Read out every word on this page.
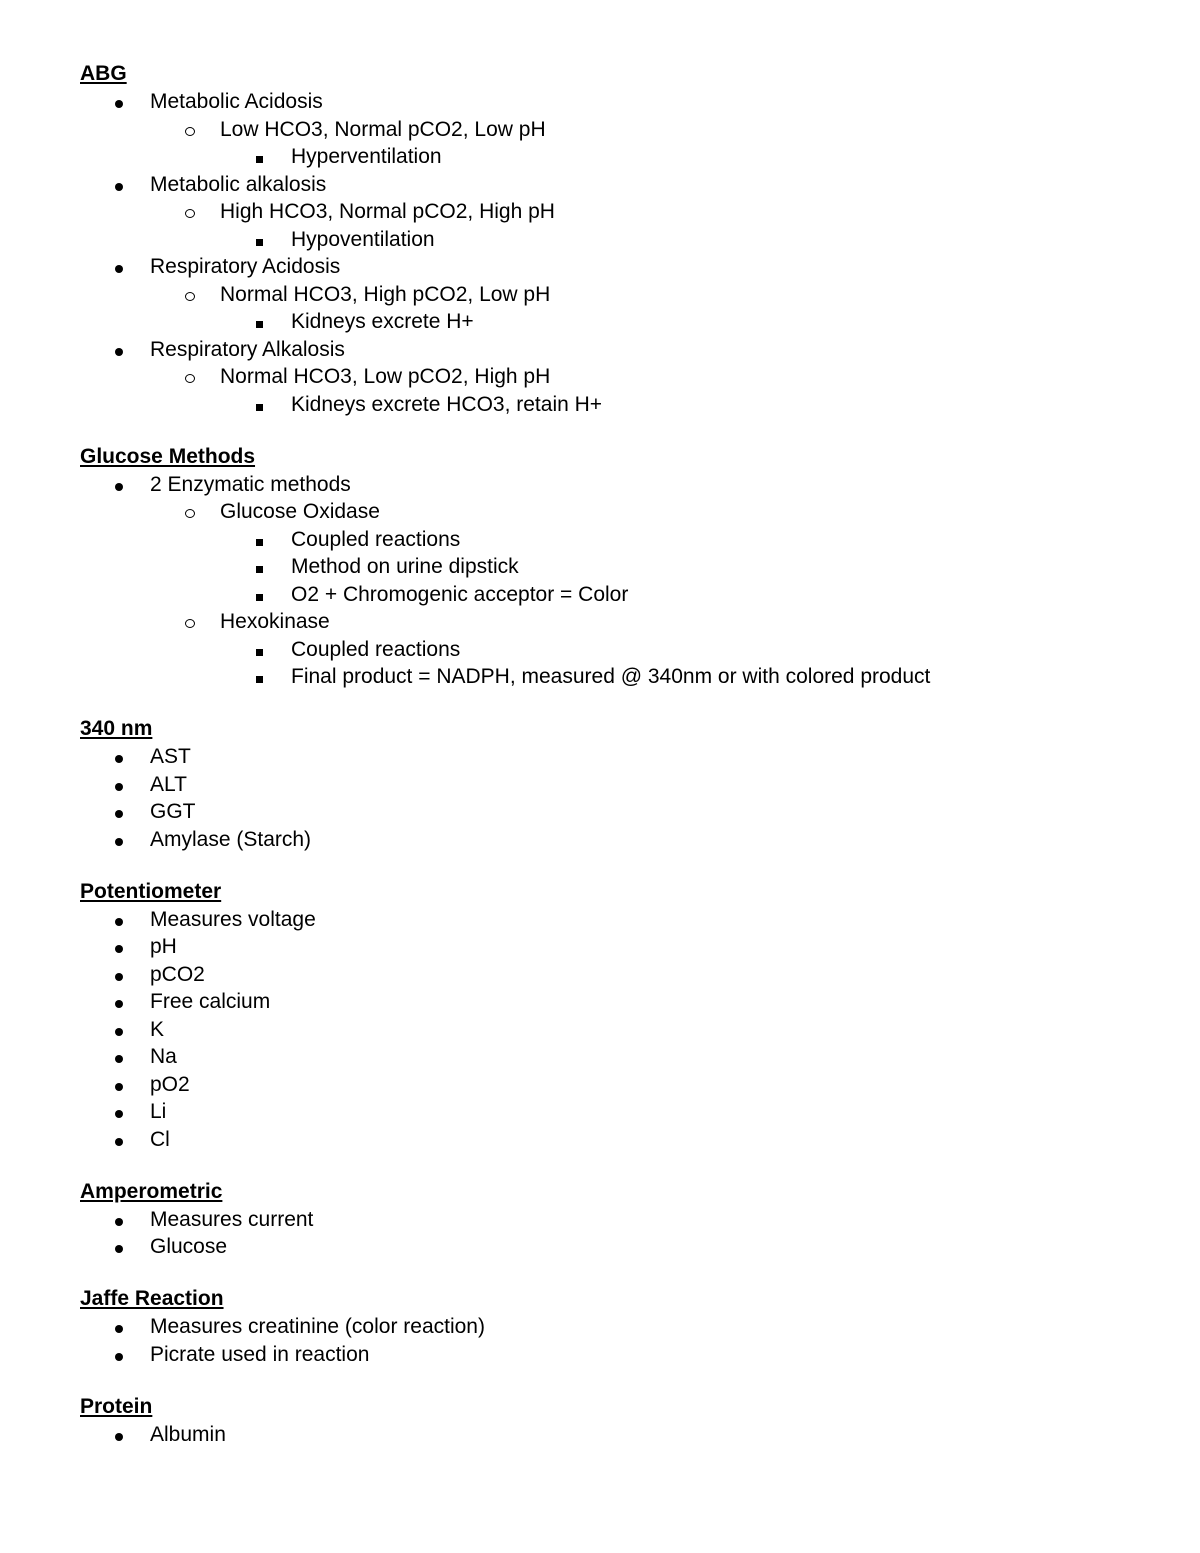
ABG
Metabolic Acidosis
Low HCO3, Normal pCO2, Low pH
Hyperventilation
Metabolic alkalosis
High HCO3, Normal pCO2, High pH
Hypoventilation
Respiratory Acidosis
Normal HCO3, High pCO2, Low pH
Kidneys excrete H+
Respiratory Alkalosis
Normal HCO3, Low pCO2, High pH
Kidneys excrete HCO3, retain H+
Glucose Methods
2 Enzymatic methods
Glucose Oxidase
Coupled reactions
Method on urine dipstick
O2 + Chromogenic acceptor = Color
Hexokinase
Coupled reactions
Final product = NADPH, measured @ 340nm or with colored product
340 nm
AST
ALT
GGT
Amylase (Starch)
Potentiometer
Measures voltage
pH
pCO2
Free calcium
K
Na
pO2
Li
Cl
Amperometric
Measures current
Glucose
Jaffe Reaction
Measures creatinine (color reaction)
Picrate used in reaction
Protein
Albumin
